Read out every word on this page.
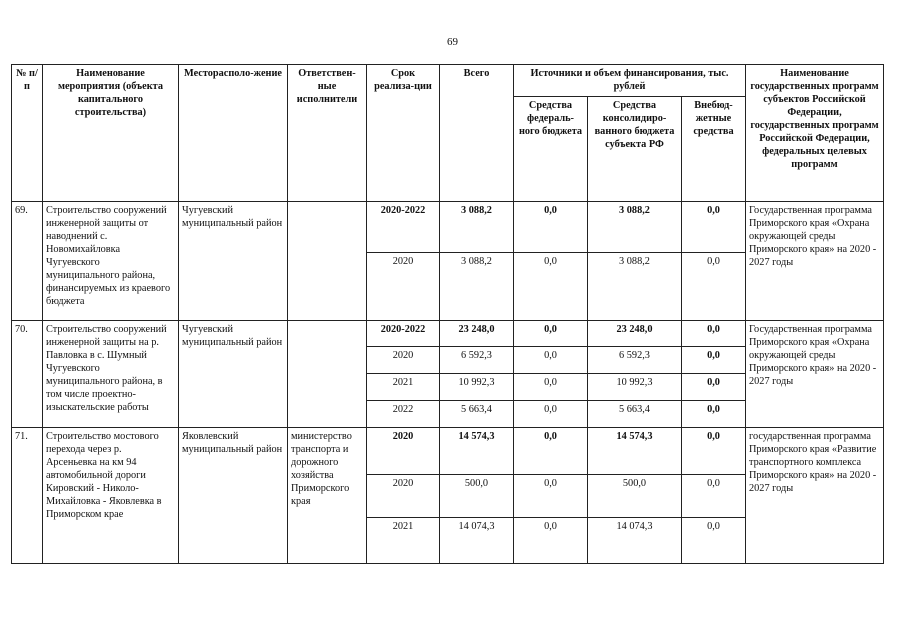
69
№ п/п	Наименование мероприятия (объекта капитального строительства)	Месторасполо-жение	Ответствен-ные исполнители	Срок реализа-ции	Всего	Источники и объем финансирования, тыс. рублей			Наименование государственных программ субъектов Российской Федерации, государственных программ Российской Федерации, федеральных целевых программ
						Средства федераль-ного бюджета	Средства консолидиро-ванного бюджета субъекта РФ	Внебюд-жетные средства	
69.	Строительство сооружений инженерной защиты от наводнений с. Новомихайловка Чугуевского муниципального района, финансируемых из краевого бюджета	Чугуевский муниципальный район		2020-2022	3 088,2	0,0	3 088,2	0,0	Государственная программа Приморского края «Охрана окружающей среды Приморского края» на 2020 - 2027 годы
				2020	3 088,2	0,0	3 088,2	0,0	
70.	Строительство сооружений инженерной защиты на р. Павловка в с. Шумный Чугуевского муниципального района, в том числе проектно-изыскательские работы	Чугуевский муниципальный район		2020-2022	23 248,0	0,0	23 248,0	0,0	Государственная программа Приморского края «Охрана окружающей среды Приморского края» на 2020 - 2027 годы
				2020	6 592,3	0,0	6 592,3	0,0	
				2021	10 992,3	0,0	10 992,3	0,0	
				2022	5 663,4	0,0	5 663,4	0,0	
71.	Строительство мостового перехода через р. Арсеньевка на км 94 автомобильной дороги Кировский - Николо-Михайловка - Яковлевка в Приморском крае	Яковлевский муниципальный район	министерство транспорта и дорожного хозяйства Приморского края	2020	14 574,3	0,0	14 574,3	0,0	государственная программа Приморского края «Развитие транспортного комплекса Приморского края» на 2020 - 2027 годы
				2020	500,0	0,0	500,0	0,0	
				2021	14 074,3	0,0	14 074,3	0,0	
